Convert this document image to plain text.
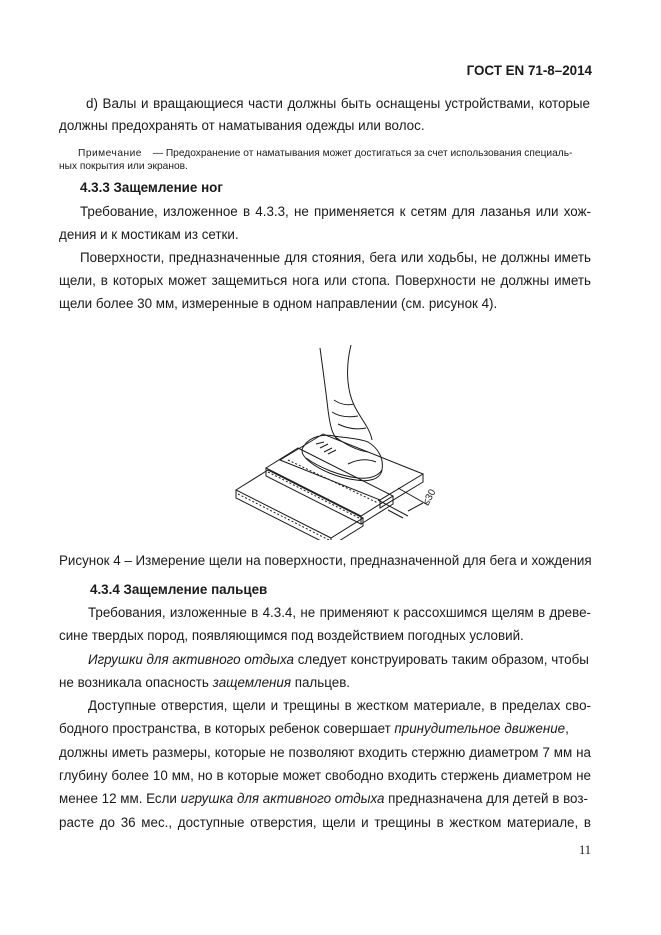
ГОСТ EN 71-8–2014
d) Валы и вращающиеся части должны быть оснащены устройствами, которые
должны предохранять от наматывания одежды или волос.
Примечание — Предохранение от наматывания может достигаться за счет использования специаль-
ных покрытия или экранов.
4.3.3 Защемление ног
Требование, изложенное в 4.3.3, не применяется к сетям для лазанья или хож-
дения и к мостикам из сетки.
Поверхности, предназначенные для стояния, бега или ходьбы, не должны иметь
щели, в которых может защемиться нога или стопа. Поверхности не должны иметь
щели более 30 мм, измеренные в одном направлении (см. рисунок 4).
≤30
Рисунок 4 – Измерение щели на поверхности, предназначенной для бега и хождения
4.3.4 Защемление пальцев
Требования, изложенные в 4.3.4, не применяют к рассохшимся щелям в древе-
сине твердых пород, появляющимся под воздействием погодных условий.
Игрушки для активного отдыха следует конструировать таким образом, чтобы
не возникала опасность защемления пальцев.
Доступные отверстия, щели и трещины в жестком материале, в пределах сво-
бодного пространства, в которых ребенок совершает принудительное движение,
должны иметь размеры, которые не позволяют входить стержню диаметром 7 мм на
глубину более 10 мм, но в которые может свободно входить стержень диаметром не
менее 12 мм. Если игрушка для активного отдыха предназначена для детей в воз-
расте до 36 мес., доступные отверстия, щели и трещины в жестком материале, в
11
